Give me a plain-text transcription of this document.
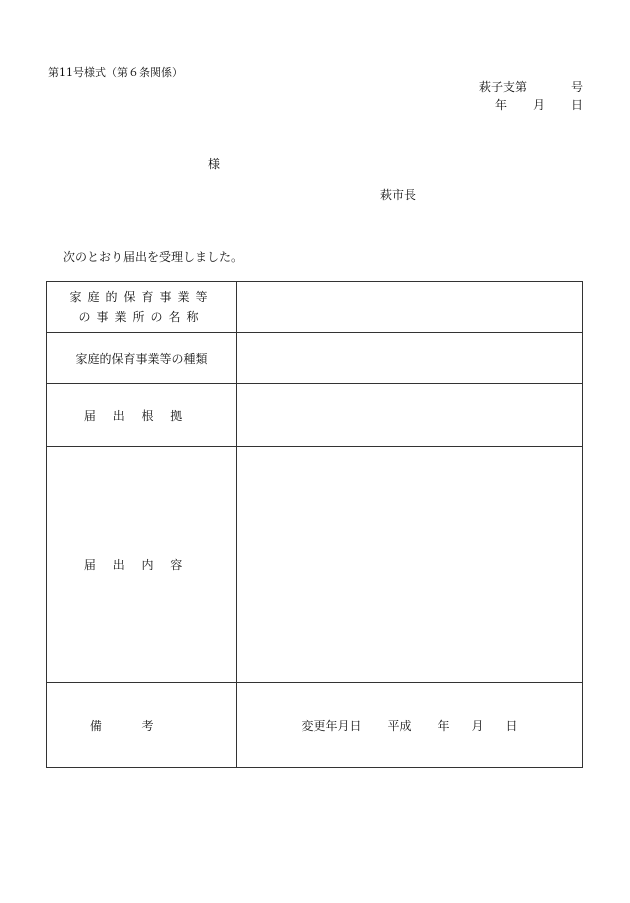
第11号様式（第６条関係）
萩子支第	号
年 月 日
様
萩市長
次のとおり届出を受理しました。
家庭的保育事業等
の事業所の名称	

家庭的保育事業等の種類	
届出根拠	
届出内容	
備考	変更年月日 平成 年 月 日
